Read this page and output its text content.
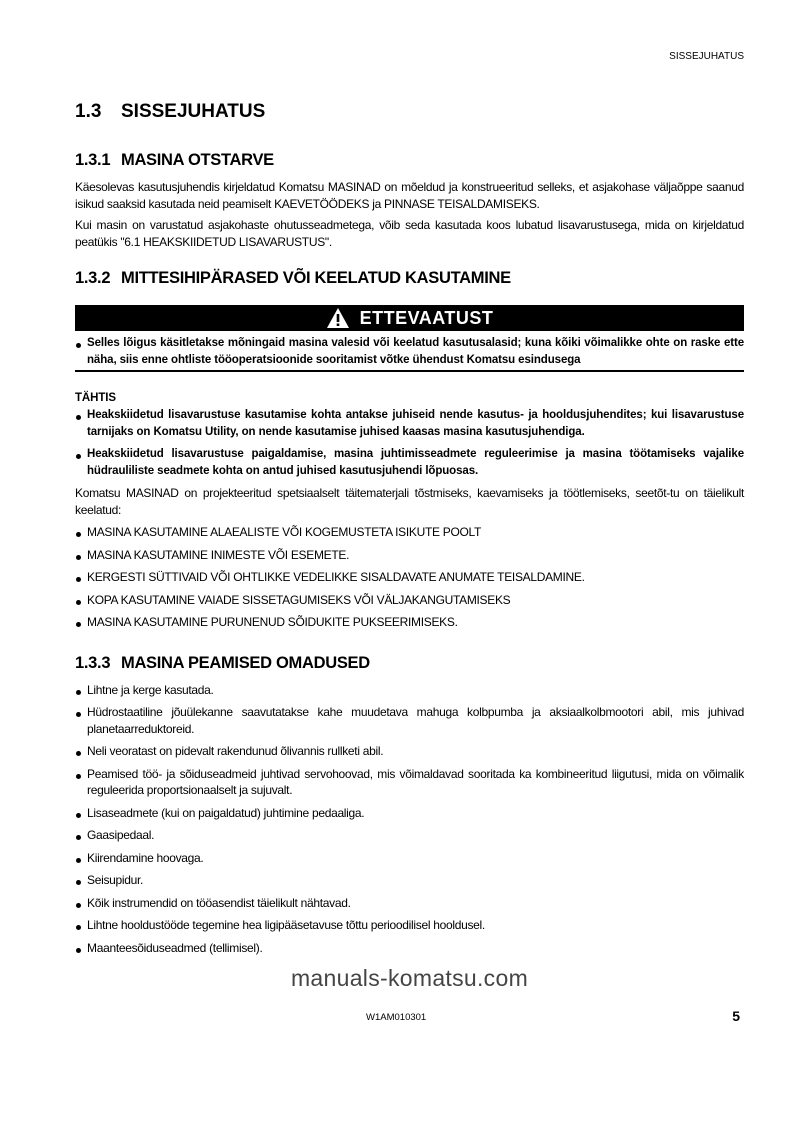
SISSEJUHATUS
1.3 SISSEJUHATUS
1.3.1 MASINA OTSTARVE
Käesolevas kasutusjuhendis kirjeldatud Komatsu MASINAD on mõeldud ja konstrueeritud selleks, et asjakohase väljaõppe saanud isikud saaksid kasutada neid peamiselt KAEVETÖÖDEKS ja PINNASE TEISALDAMISEKS.
Kui masin on varustatud asjakohaste ohutusseadmetega, võib seda kasutada koos lubatud lisavarustusega, mida on kirjeldatud peatükis "6.1 HEAKSKIIDETUD LISAVARUSTUS".
1.3.2 MITTESIHIPÄRASED VÕI KEELATUD KASUTAMINE
ETTEVAATUST
Selles lõigus käsitletakse mõningaid masina valesid või keelatud kasutusalasid; kuna kõiki võimalikke ohte on raske ette näha, siis enne ohtliste tööoperatsioonide sooritamist võtke ühendust Komatsu esindusega
TÄHTIS
Heakskiidetud lisavarustuse kasutamise kohta antakse juhiseid nende kasutus- ja hooldusjuhendites; kui lisavarustuse tarnijaks on Komatsu Utility, on nende kasutamise juhised kaasas masina kasutusjuhendiga.
Heakskiidetud lisavarustuse paigaldamise, masina juhtimisseadmete reguleerimise ja masina töötamiseks vajalike hüdrauliliste seadmete kohta on antud juhised kasutusjuhendi lõpuosas.
Komatsu MASINAD on projekteeritud spetsiaalselt täitematerjali tõstmiseks, kaevamiseks ja töötlemiseks, seetõt-tu on täielikult keelatud:
MASINA KASUTAMINE ALAEALISTE VÕI KOGEMUSTETA ISIKUTE POOLT
MASINA KASUTAMINE INIMESTE VÕI ESEMETE.
KERGESTI SÜTTIVAID VÕI OHTLIKKE VEDELIKKE SISALDAVATE ANUMATE TEISALDAMINE.
KOPA KASUTAMINE VAIADE SISSETAGUMISEKS VÕI VÄLJAKANGUTAMISEKS
MASINA KASUTAMINE PURUNENUD SÕIDUKITE PUKSEERIMISEKS.
1.3.3 MASINA PEAMISED OMADUSED
Lihtne ja kerge kasutada.
Hüdrostaatiline jõuülekanne saavutatakse kahe muudetava mahuga kolbpumba ja aksiaalkolbmootori abil, mis juhivad planetaarreduktoreid.
Neli veoratast on pidevalt rakendunud õlivannis rullketi abil.
Peamised töö- ja sõiduseadmeid juhtivad servohoovad, mis võimaldavad sooritada ka kombineeritud liigutusi, mida on võimalik reguleerida proportsionaalselt ja sujuvalt.
Lisaseadmete (kui on paigaldatud) juhtimine pedaaliga.
Gaasipedaal.
Kiirendamine hoovaga.
Seisupidur.
Kõik instrumendid on tööasendist täielikult nähtavad.
Lihtne hooldustööde tegemine hea ligipääsetavuse tõttu perioodilisel hooldusel.
Maanteesõiduseadmed (tellimisel).
manuals-komatsu.com
W1AM010301	5
